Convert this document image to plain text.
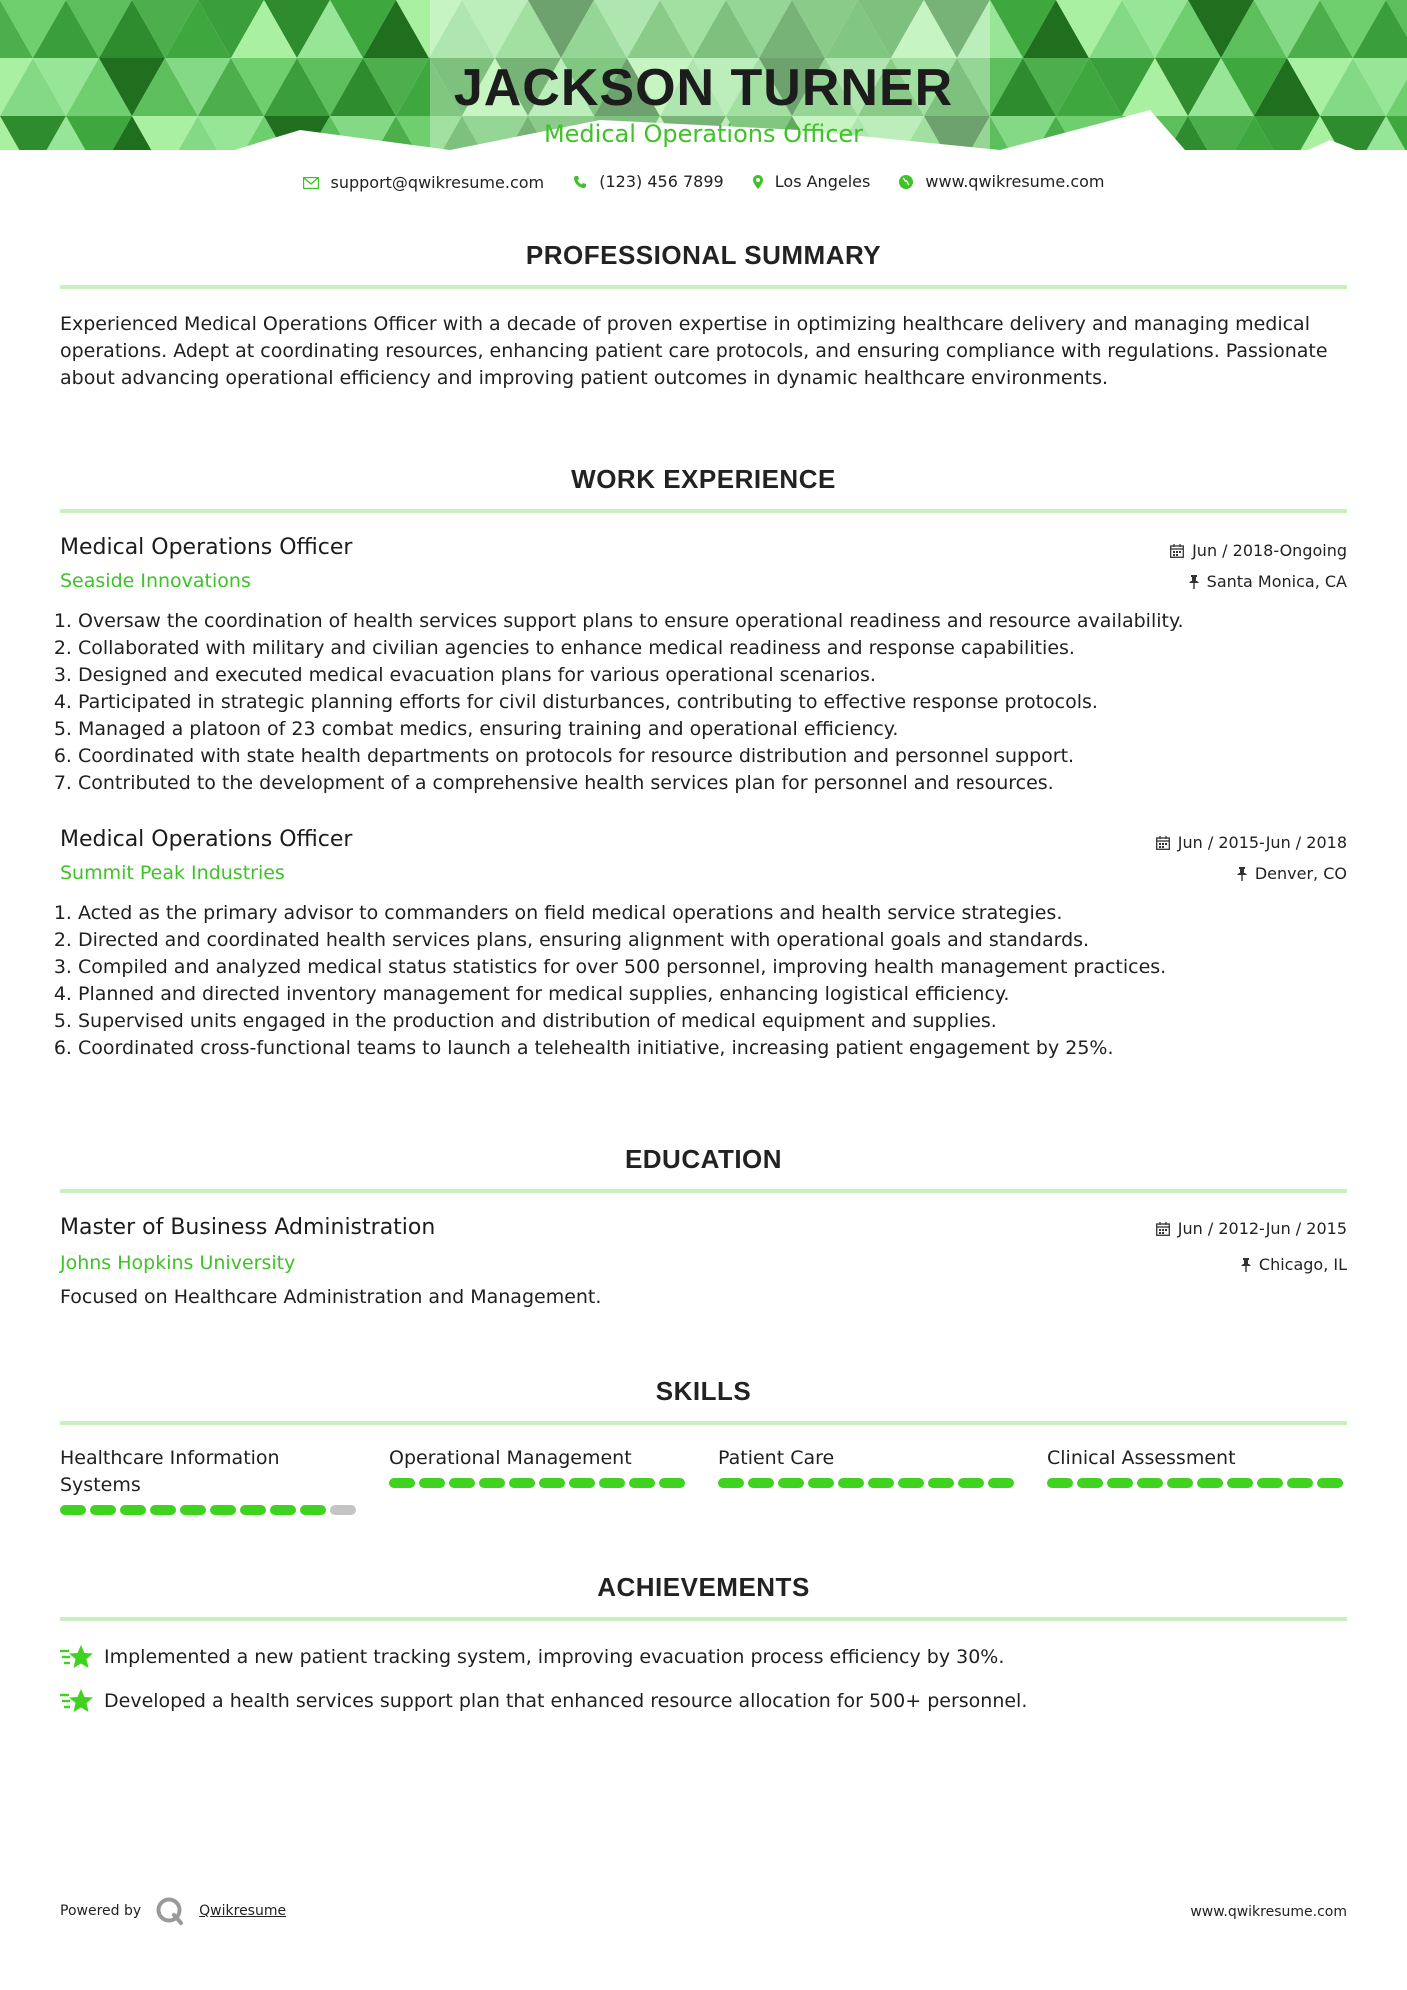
JACKSON TURNER
Medical Operations Officer
support@qwikresume.com
	(123) 456 7899
	Los Angeles
	www.qwikresume.com
PROFESSIONAL SUMMARY
Experienced Medical Operations Officer with a decade of proven expertise in optimizing healthcare delivery and managing medical operations. Adept at coordinating resources, enhancing patient care protocols, and ensuring compliance with regulations. Passionate about advancing operational efficiency and improving patient outcomes in dynamic healthcare environments.
WORK EXPERIENCE
Jun / 2018-Ongoing
Santa Monica, CA
Medical Operations Officer
Seaside Innovations
1. Oversaw the coordination of health services support plans to ensure operational readiness and resource availability.
2. Collaborated with military and civilian agencies to enhance medical readiness and response capabilities.
3. Designed and executed medical evacuation plans for various operational scenarios.
4. Participated in strategic planning efforts for civil disturbances, contributing to effective response protocols.
5. Managed a platoon of 23 combat medics, ensuring training and operational efficiency.
6. Coordinated with state health departments on protocols for resource distribution and personnel support.
7. Contributed to the development of a comprehensive health services plan for personnel and resources.
Jun / 2015-Jun / 2018
Denver, CO
Medical Operations Officer
Summit Peak Industries
1. Acted as the primary advisor to commanders on field medical operations and health service strategies.
2. Directed and coordinated health services plans, ensuring alignment with operational goals and standards.
3. Compiled and analyzed medical status statistics for over 500 personnel, improving health management practices.
4. Planned and directed inventory management for medical supplies, enhancing logistical efficiency.
5. Supervised units engaged in the production and distribution of medical equipment and supplies.
6. Coordinated cross-functional teams to launch a telehealth initiative, increasing patient engagement by 25%.
EDUCATION
Jun / 2012-Jun / 2015
Chicago, IL
Master of Business Administration
Johns Hopkins University
Focused on Healthcare Administration and Management.
SKILLS
Healthcare Information Systems
Operational Management	Patient Care	Clinical Assessment
ACHIEVEMENTS
Implemented a new patient tracking system, improving evacuation process efficiency by 30%.
Developed a health services support plan that enhanced resource allocation for 500+ personnel.
Powered by	Qwikresume	www.qwikresume.com
